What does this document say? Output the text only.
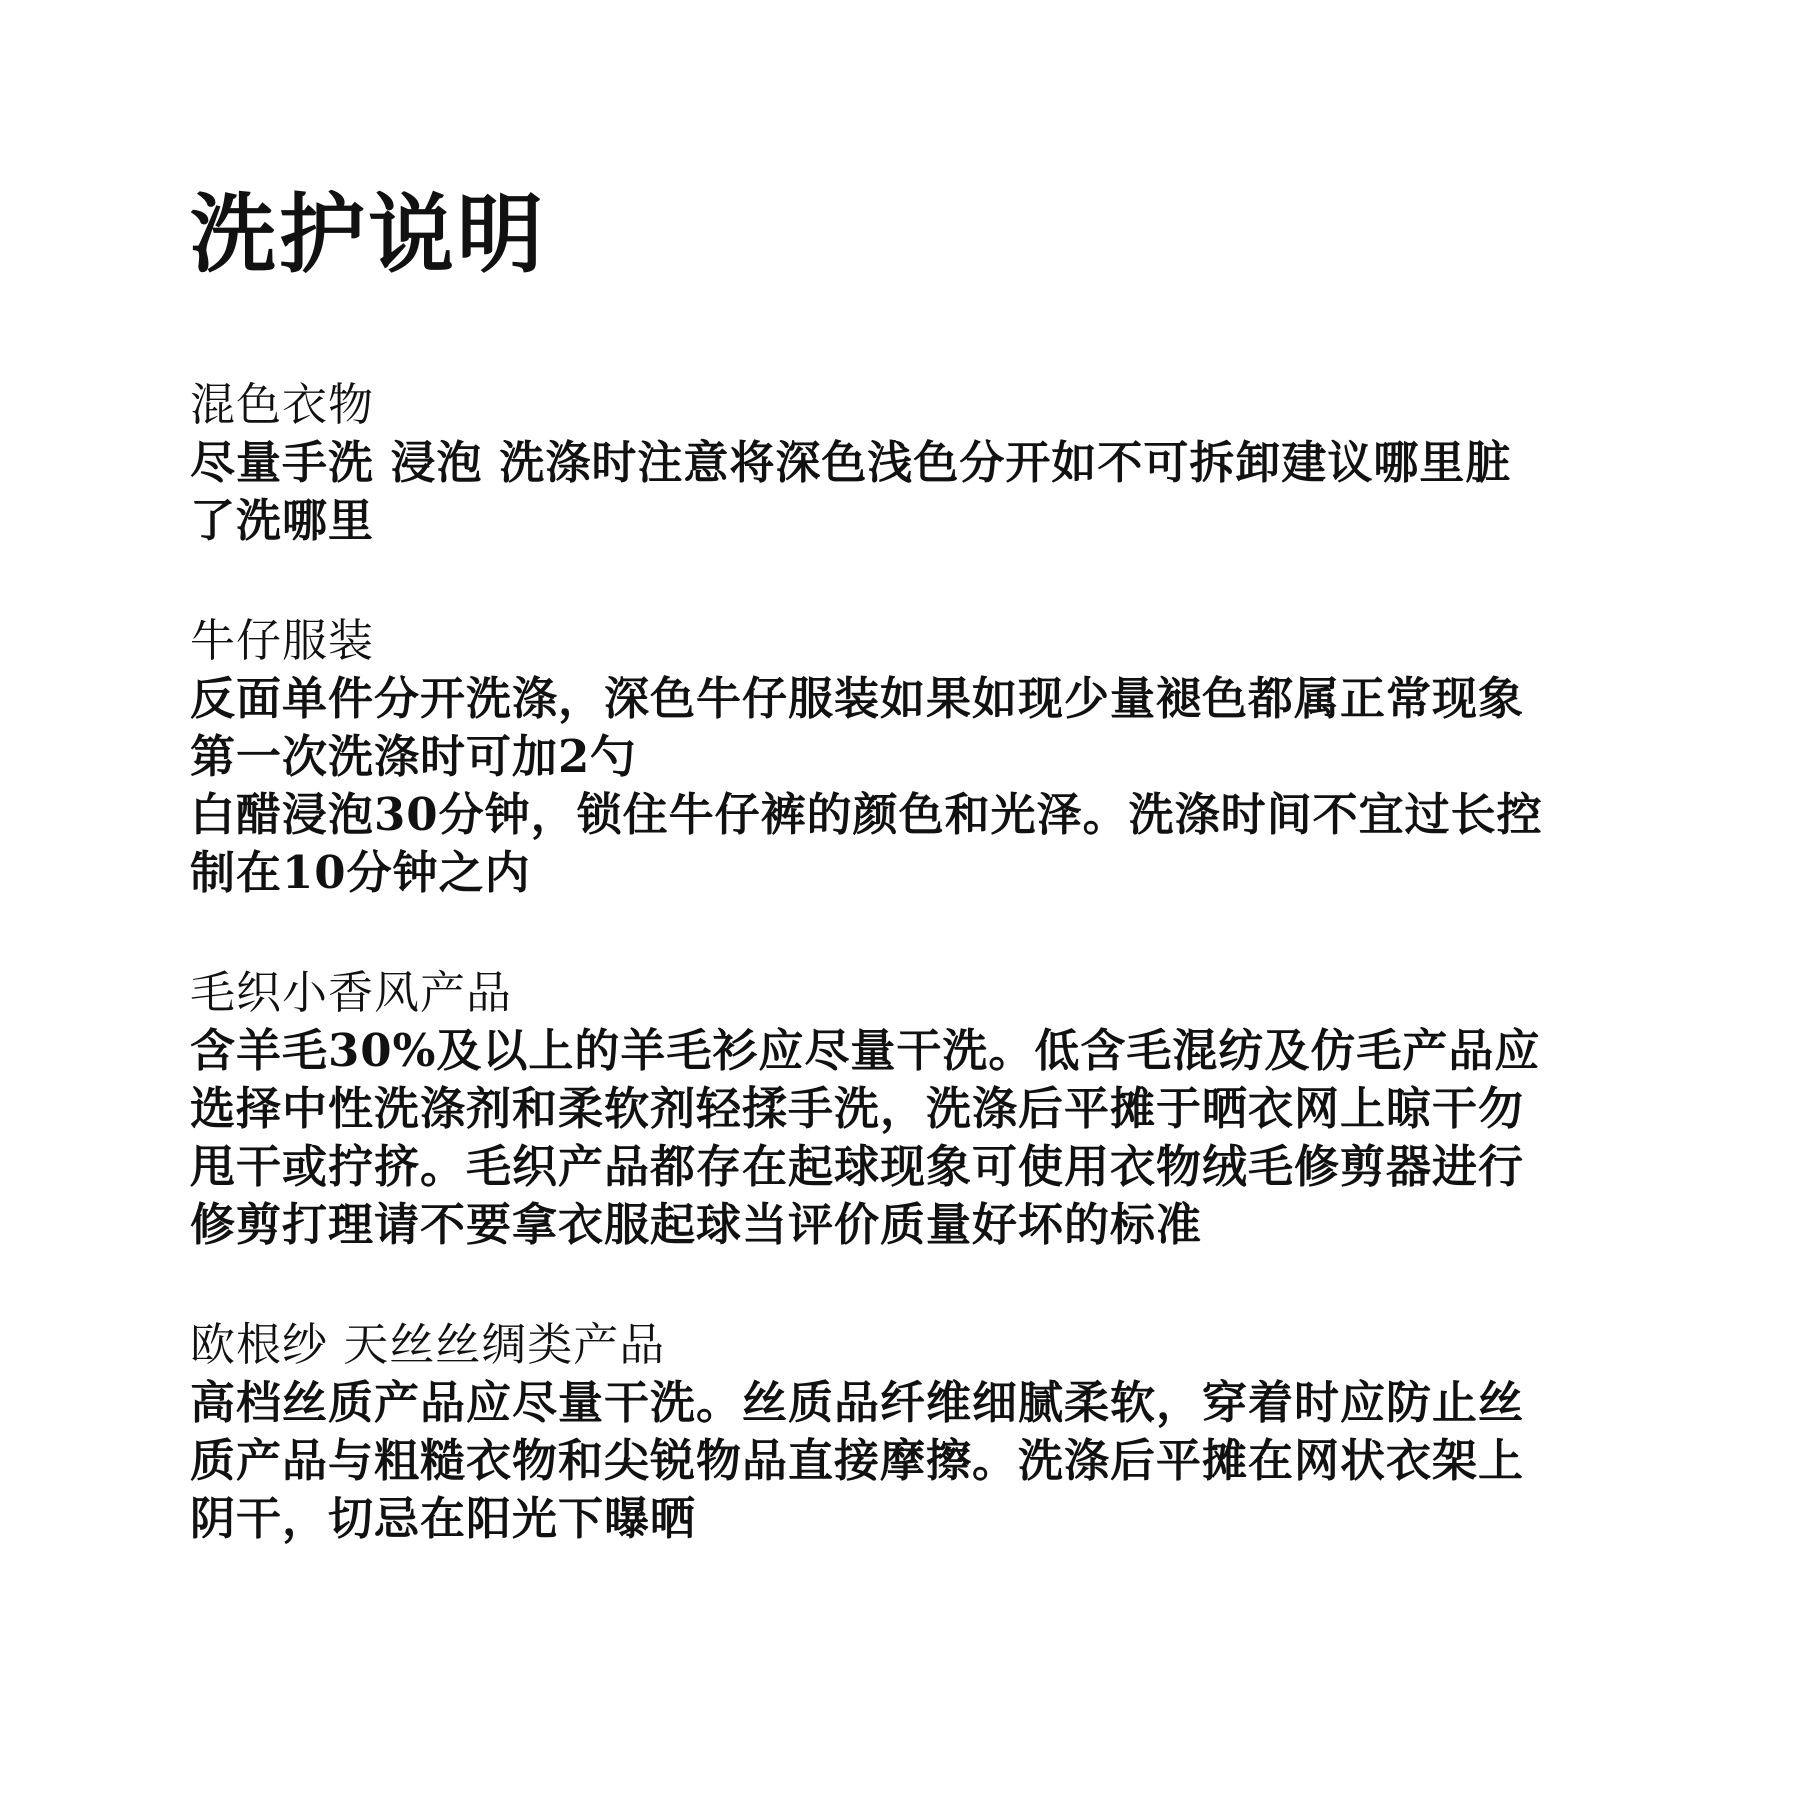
洗护说明
混色衣物
尽量手洗 浸泡 洗涤时注意将深色浅色分开如不可拆卸建议哪里脏
了洗哪里
牛仔服装
反面单件分开洗涤，深色牛仔服装如果如现少量褪色都属正常现象
第一次洗涤时可加2勺
白醋浸泡30分钟，锁住牛仔裤的颜色和光泽。洗涤时间不宜过长控
制在10分钟之内
毛织小香风产品
含羊毛30%及以上的羊毛衫应尽量干洗。低含毛混纺及仿毛产品应
选择中性洗涤剂和柔软剂轻揉手洗，洗涤后平摊于晒衣网上晾干勿
甩干或拧挤。毛织产品都存在起球现象可使用衣物绒毛修剪器进行
修剪打理请不要拿衣服起球当评价质量好坏的标准
欧根纱 天丝丝绸类产品
高档丝质产品应尽量干洗。丝质品纤维细腻柔软，穿着时应防止丝
质产品与粗糙衣物和尖锐物品直接摩擦。洗涤后平摊在网状衣架上
阴干，切忌在阳光下曝晒
